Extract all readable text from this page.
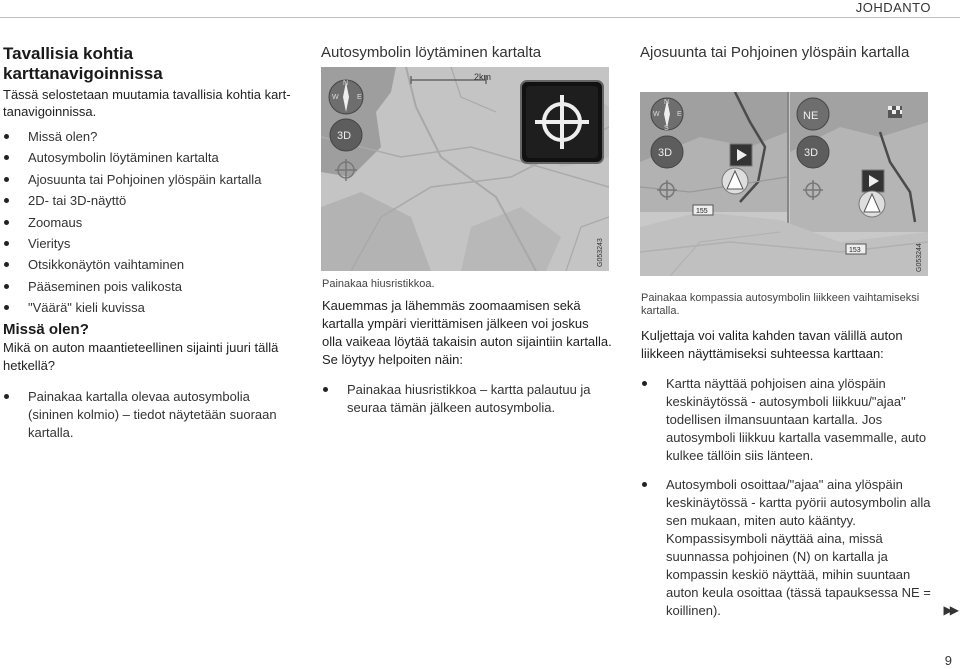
JOHDANTO
Tavallisia kohtia karttanavigoinnissa

Tässä selostetaan muutamia tavallisia kohtia kart-tanavigoinnissa.

Missä olen?
Autosymbolin löytäminen kartalta
Ajosuunta tai Pohjoinen ylöspäin kartalla
2D- tai 3D-näyttö
Zoomaus
Vieritys
Otsikkonäytön vaihtaminen
Pääseminen pois valikosta
"Väärä" kieli kuvissa
Missä olen?

Mikä on auton maantieteellinen sijainti juuri tällä hetkellä?

Painakaa kartalla olevaa autosymbolia (sininen kolmio) – tiedot näytetään suoraan kartalla.

Autosymbolin löytäminen kartalta

2km
N
W	E
3D
G053243
Painakaa hiusristikkoa.

Kauemmas ja lähemmäs zoomaamisen sekä kartalla ympäri vierittämisen jälkeen voi joskus olla vaikeaa löytää takaisin auton sijaintiin kartalla. Se löytyy helpoiten näin:

Painakaa hiusristikkoa – kartta palautuu ja seuraa tämän jälkeen autosymbolia.

Ajosuunta tai Pohjoinen ylöspäin kartalla

N
W E
S
3D
NE
3D
155
153	G053244
Painakaa kompassia autosymbolin liikkeen vaihtamiseksi kartalla.

Kuljettaja voi valita kahden tavan välillä auton liikkeen näyttämiseksi suhteessa karttaan:

Kartta näyttää pohjoisen aina ylöspäin keskinäytössä - autosymboli liikkuu/"ajaa" todellisen ilmansuuntaan kartalla. Jos autosymboli liikkuu kartalla vasemmalle, auto kulkee tällöin siis länteen.
Autosymboli osoittaa/"ajaa" aina ylöspäin keskinäytössä - kartta pyörii autosymbolin alla sen mukaan, miten auto kääntyy. Kompassisymboli näyttää aina, missä suunnassa pohjoinen (N) on kartalla ja kompassin keskiö näyttää, mihin suuntaan auton keula osoittaa (tässä tapauksessa NE = koillinen).	▶▶
9
